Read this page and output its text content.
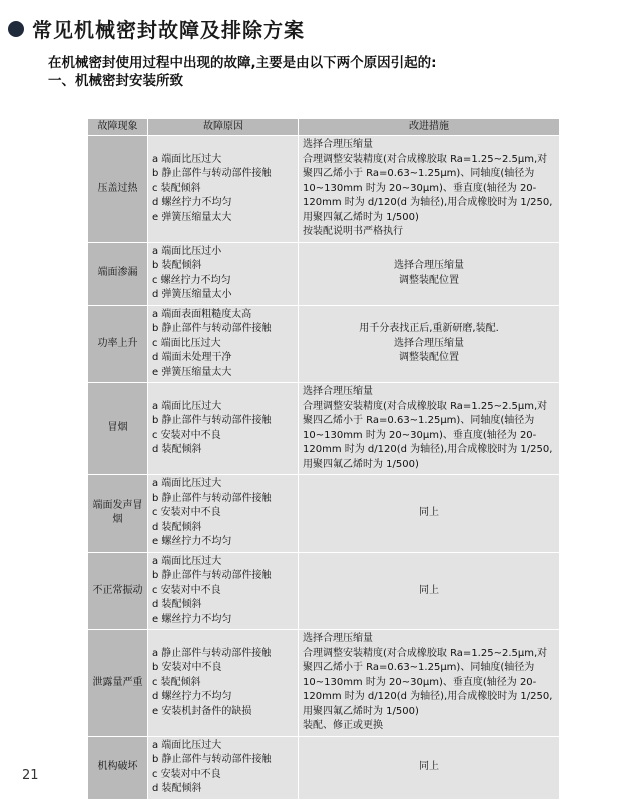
常见机械密封故障及排除方案
在机械密封使用过程中出现的故障,主要是由以下两个原因引起的:
一、机械密封安装所致
故障现象	故障原因	改进措施
压盖过热	a 端面比压过大
b 静止部件与转动部件接触
c 装配倾斜
d 螺丝拧力不均匀
e 弹簧压缩量太大	选择合理压缩量
合理调整安装精度(对合成橡胶取 Ra=1.25~2.5μm,对聚四乙烯小于 Ra=0.63~1.25μm)、同轴度(轴径为 10~130mm 时为 20~30μm)、垂直度(轴径为 20-120mm 时为 d/120(d 为轴径),用合成橡胶时为 1/250,用聚四氟乙烯时为 1/500)
按装配说明书严格执行

端面渗漏	a 端面比压过小
b 装配倾斜
c 螺丝拧力不均匀
d 弹簧压缩量太小	选择合理压缩量
调整装配位置

功率上升	a 端面表面粗糙度太高
b 静止部件与转动部件接触
c 端面比压过大
d 端面未处理干净
e 弹簧压缩量太大	用千分表找正后,重新研磨,装配.
选择合理压缩量
调整装配位置

冒烟	a 端面比压过大
b 静止部件与转动部件接触
c 安装对中不良
d 装配倾斜	选择合理压缩量
合理调整安装精度(对合成橡胶取 Ra=1.25~2.5μm,对聚四乙烯小于 Ra=0.63~1.25μm)、同轴度(轴径为 10~130mm 时为 20~30μm)、垂直度(轴径为 20-120mm 时为 d/120(d 为轴径),用合成橡胶时为 1/250,用聚四氟乙烯时为 1/500)

端面发声冒烟	a 端面比压过大
b 静止部件与转动部件接触
c 安装对中不良
d 装配倾斜
e 螺丝拧力不均匀	同上

不正常振动	a 端面比压过大
b 静止部件与转动部件接触
c 安装对中不良
d 装配倾斜
e 螺丝拧力不均匀	同上

泄露量严重	a 静止部件与转动部件接触
b 安装对中不良
c 装配倾斜
d 螺丝拧力不均匀
e 安装机封备件的缺损	选择合理压缩量
合理调整安装精度(对合成橡胶取 Ra=1.25~2.5μm,对聚四乙烯小于 Ra=0.63~1.25μm)、同轴度(轴径为 10~130mm 时为 20~30μm)、垂直度(轴径为 20-120mm 时为 d/120(d 为轴径),用合成橡胶时为 1/250,用聚四氟乙烯时为 1/500)
装配、修正或更换

机构破坏	a 端面比压过大
b 静止部件与转动部件接触
c 安装对中不良
d 装配倾斜	同上
21
